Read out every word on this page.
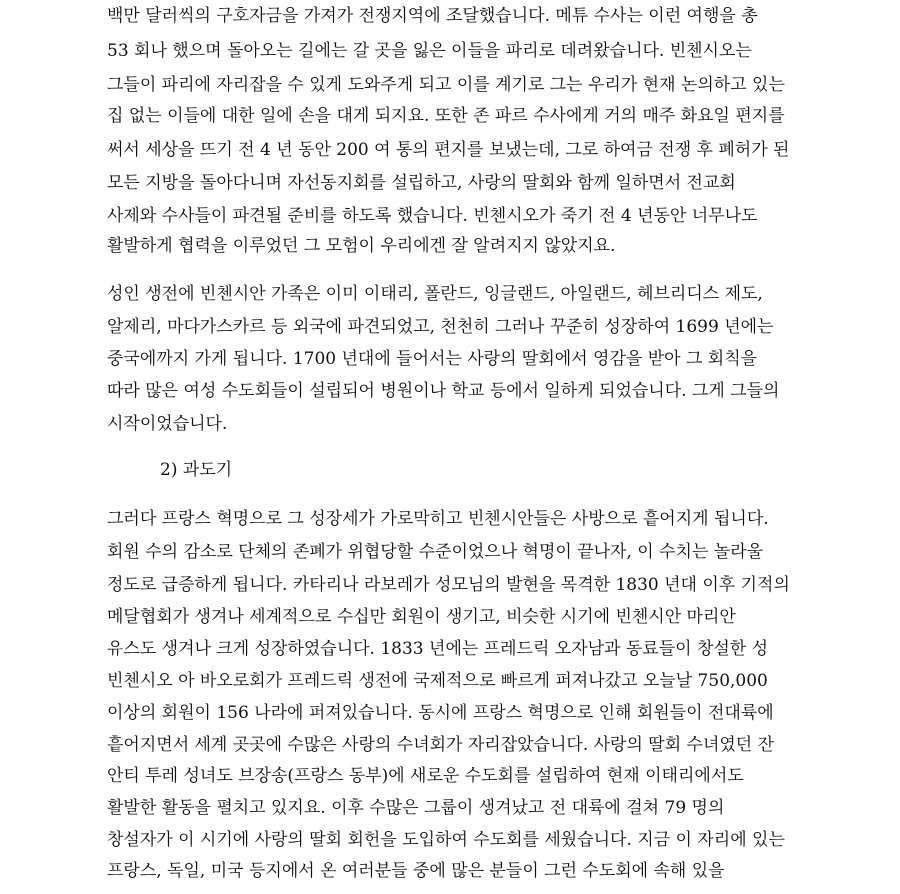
백만 달러씩의 구호자금을 가져가 전쟁지역에 조달했습니다. 메튜 수사는 이런 여행을 총
53 회나 했으며 돌아오는 길에는 갈 곳을 잃은 이들을 파리로 데려왔습니다. 빈첸시오는
그들이 파리에 자리잡을 수 있게 도와주게 되고 이를 계기로 그는 우리가 현재 논의하고 있는
집 없는 이들에 대한 일에 손을 대게 되지요. 또한 존 파르 수사에게 거의 매주 화요일 편지를
써서 세상을 뜨기 전 4 년 동안 200 여 통의 편지를 보냈는데, 그로 하여금 전쟁 후 폐허가 된
모든 지방을 돌아다니며 자선동지회를 설립하고, 사랑의 딸회와 함께 일하면서 전교회
사제와 수사들이 파견될 준비를 하도록 했습니다. 빈첸시오가 죽기 전 4 년동안 너무나도
활발하게 협력을 이루었던 그 모험이 우리에겐 잘 알려지지 않았지요.
성인 생전에 빈첸시안 가족은 이미 이태리, 폴란드, 잉글랜드, 아일랜드, 헤브리디스 제도,
알제리, 마다가스카르 등 외국에 파견되었고, 천천히 그러나 꾸준히 성장하여 1699 년에는
중국에까지 가게 됩니다. 1700 년대에 들어서는 사랑의 딸회에서 영감을 받아 그 회칙을
따라 많은 여성 수도회들이 설립되어 병원이나 학교 등에서 일하게 되었습니다. 그게 그들의
시작이었습니다.
2) 과도기
그러다 프랑스 혁명으로 그 성장세가 가로막히고 빈첸시안들은 사방으로 흩어지게 됩니다.
회원 수의 감소로 단체의 존폐가 위협당할 수준이었으나 혁명이 끝나자, 이 수치는 놀라울
정도로 급증하게 됩니다. 카타리나 라보레가 성모님의 발현을 목격한 1830 년대 이후 기적의
메달협회가 생겨나 세계적으로 수십만 회원이 생기고, 비슷한 시기에 빈첸시안 마리안
유스도 생겨나 크게 성장하였습니다. 1833 년에는 프레드릭 오자남과 동료들이 창설한 성
빈첸시오 아 바오로회가 프레드릭 생전에 국제적으로 빠르게 퍼져나갔고 오늘날 750,000
이상의 회원이 156 나라에 퍼져있습니다. 동시에 프랑스 혁명으로 인해 회원들이 전대륙에
흩어지면서 세계 곳곳에 수많은 사랑의 수녀회가 자리잡았습니다. 사랑의 딸회 수녀였던 잔
안티 투레 성녀도 브장송(프랑스 동부)에 새로운 수도회를 설립하여 현재 이태리에서도
활발한 활동을 펼치고 있지요. 이후 수많은 그룹이 생겨났고 전 대륙에 걸쳐 79 명의
창설자가 이 시기에 사랑의 딸회 회헌을 도입하여 수도회를 세웠습니다. 지금 이 자리에 있는
프랑스, 독일, 미국 등지에서 온 여러분들 중에 많은 분들이 그런 수도회에 속해 있을
